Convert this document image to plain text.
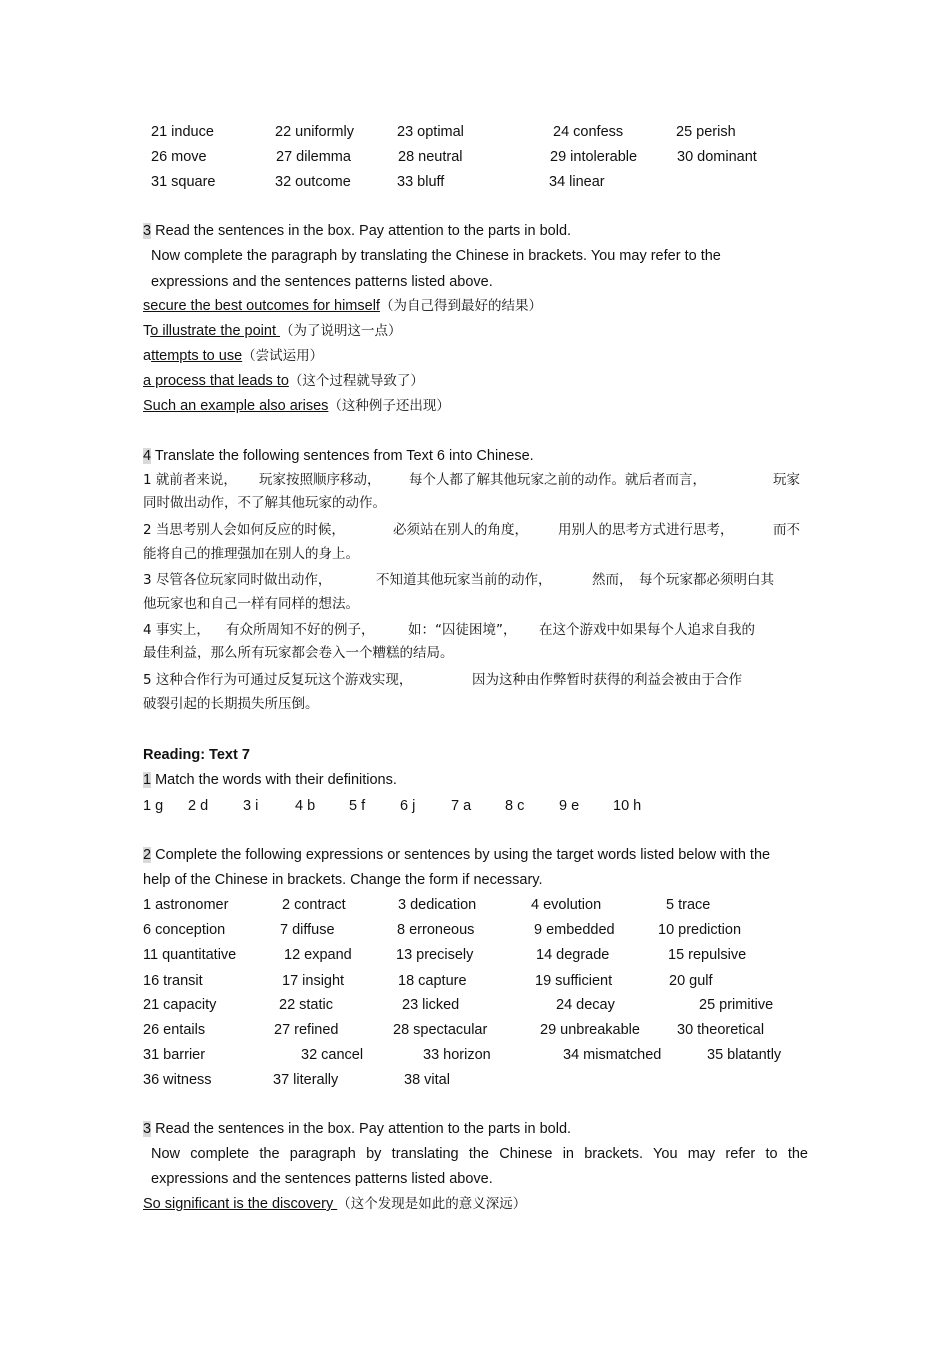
21 induce	22 uniformly	23 optimal	24 confess	25 perish
26 move	27 dilemma	28 neutral	29 intolerable	30 dominant
31 square	32 outcome	33 bluff	34 linear
3 Read the sentences in the box. Pay attention to the parts in bold.
Now complete the paragraph by translating the Chinese in brackets. You may refer to the
expressions and the sentences patterns listed above.
secure the best outcomes for himself（为自己得到最好的结果）
To illustrate the point （为了说明这一点）
attempts to use（尝试运用）
a process that leads to（这个过程就导致了）
Such an example also arises（这种例子还出现）
4 Translate the following sentences from Text 6 into Chinese.
1 就前者来说， 玩家按照顺序移动， 每个人都了解其他玩家之前的动作。就后者而言，	玩家
同时做出动作，不了解其他玩家的动作。
2 当思考别人会如何反应的时候，	必须站在别人的角度， 用别人的思考方式进行思考，	而不
能将自己的推理强加在别人的身上。
3 尽管各位玩家同时做出动作，	不知道其他玩家当前的动作，	然而， 每个玩家都必须明白其
他玩家也和自己一样有同样的想法。
4 事实上， 有众所周知不好的例子， 如：“囚徒困境”， 在这个游戏中如果每个人追求自我的
最佳利益，那么所有玩家都会卷入一个糟糕的结局。
5 这种合作行为可通过反复玩这个游戏实现，	因为这种由作弊暂时获得的利益会被由于合作
破裂引起的长期损失所压倒。
Reading: Text 7
1 Match the words with their definitions.
1 g 2 d 3 i	4 b 5 f 6 j 7 a 8 c 9 e 10 h
2 Complete the following expressions or sentences by using the target words listed below with the
help of the Chinese in brackets. Change the form if necessary.
1 astronomer	2 contract	3 dedication	4 evolution	5 trace
6 conception	7 diffuse	8 erroneous	9 embedded	10 prediction
11 quantitative	12 expand	13 precisely	14 degrade	15 repulsive
16 transit	17 insight	18 capture	19 sufficient	20 gulf
21 capacity	22 static	23 licked	24 decay	25 primitive
26 entails	27 refined	28 spectacular	29 unbreakable	30 theoretical
31 barrier	32 cancel	33 horizon	34 mismatched	35 blatantly
36 witness	37 literally	38 vital
3 Read the sentences in the box. Pay attention to the parts in bold.
Now complete the paragraph by translating the Chinese in brackets. You may refer to the
expressions and the sentences patterns listed above.
So significant is the discovery （这个发现是如此的意义深远）
